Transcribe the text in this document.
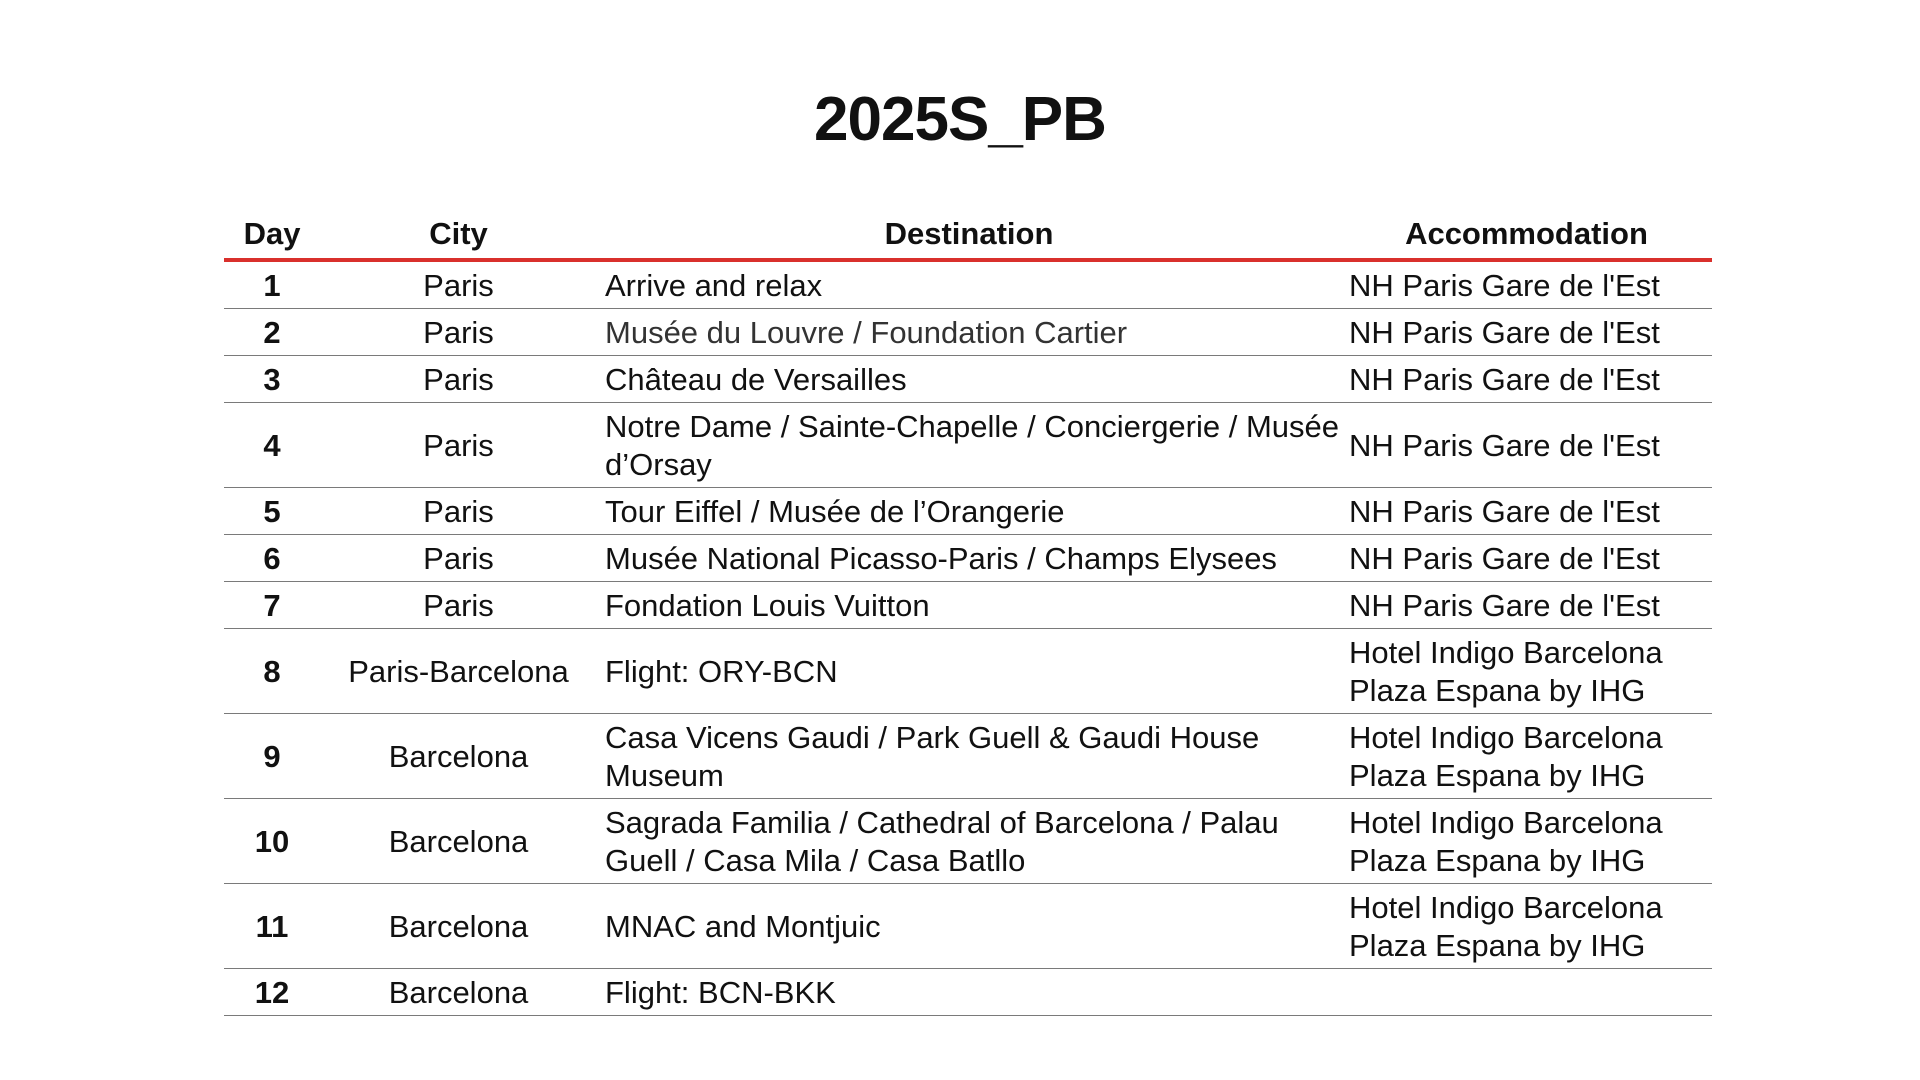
2025S_PB
Day	City	Destination	Accommodation
1	Paris	Arrive and relax	NH Paris Gare de l'Est
2	Paris	Musée du Louvre / Foundation Cartier	NH Paris Gare de l'Est
3	Paris	Château de Versailles	NH Paris Gare de l'Est
4	Paris	Notre Dame / Sainte-Chapelle / Conciergerie / Musée d’Orsay	NH Paris Gare de l'Est
5	Paris	Tour Eiffel / Musée de l’Orangerie	NH Paris Gare de l'Est
6	Paris	Musée National Picasso-Paris / Champs Elysees	NH Paris Gare de l'Est
7	Paris	Fondation Louis Vuitton	NH Paris Gare de l'Est
8	Paris-Barcelona	Flight: ORY-BCN	Hotel Indigo Barcelona Plaza Espana by IHG
9	Barcelona	Casa Vicens Gaudi / Park Guell & Gaudi House Museum	Hotel Indigo Barcelona Plaza Espana by IHG
10	Barcelona	Sagrada Familia / Cathedral of Barcelona / Palau Guell / Casa Mila / Casa Batllo	Hotel Indigo Barcelona Plaza Espana by IHG
11	Barcelona	MNAC and Montjuic	Hotel Indigo Barcelona Plaza Espana by IHG
12	Barcelona	Flight: BCN-BKK	
